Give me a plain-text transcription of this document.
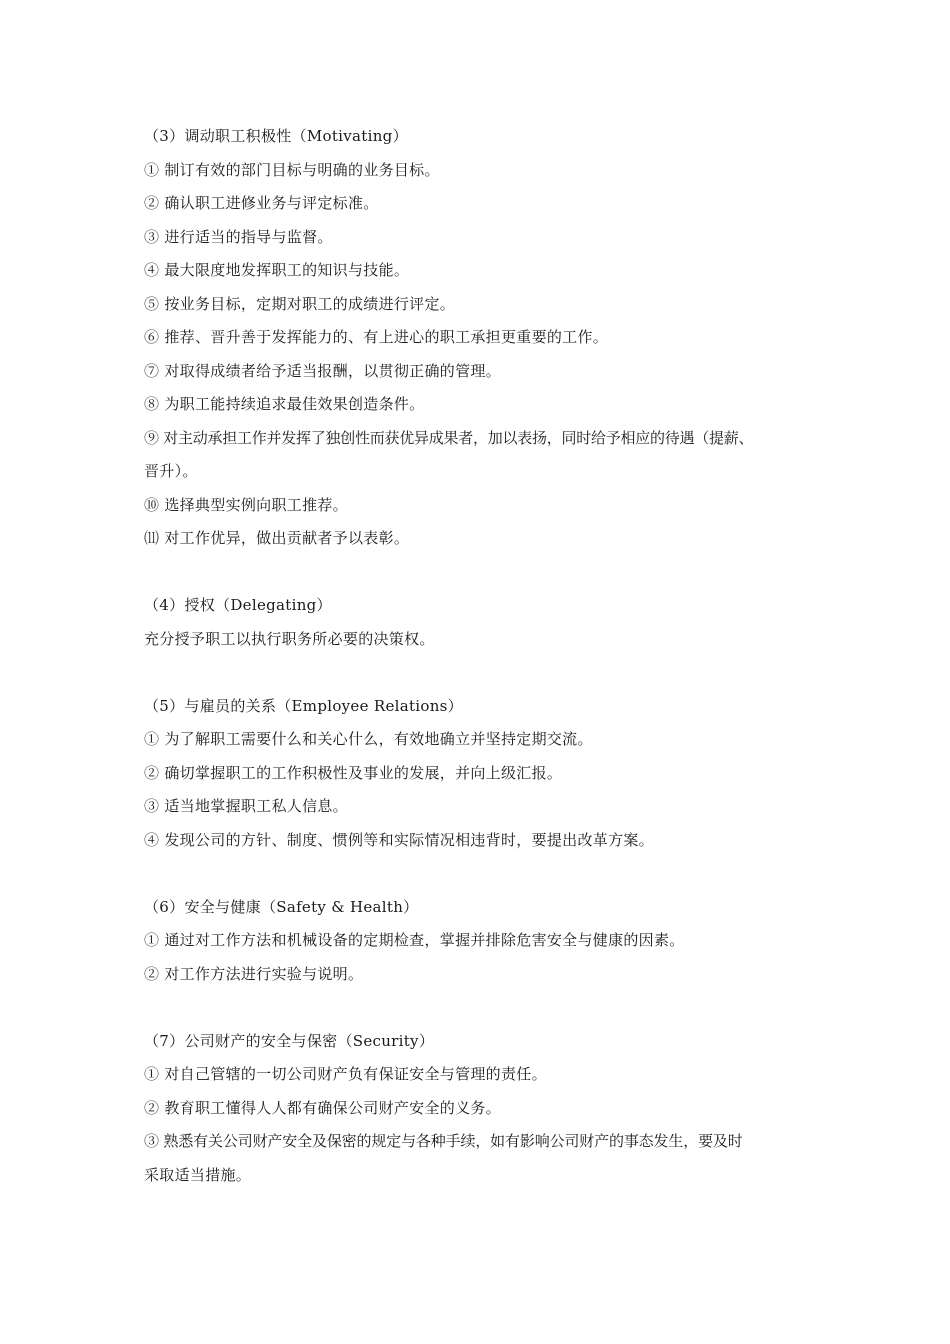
（3）调动职工积极性（Motivating）
① 制订有效的部门目标与明确的业务目标。
② 确认职工进修业务与评定标准。
③ 进行适当的指导与监督。
④ 最大限度地发挥职工的知识与技能。
⑤ 按业务目标，定期对职工的成绩进行评定。
⑥ 推荐、晋升善于发挥能力的、有上进心的职工承担更重要的工作。
⑦ 对取得成绩者给予适当报酬，以贯彻正确的管理。
⑧ 为职工能持续追求最佳效果创造条件。
⑨ 对主动承担工作并发挥了独创性而获优异成果者，加以表扬，同时给予相应的待遇（提薪、
晋升）。
⑩ 选择典型实例向职工推荐。
⑾ 对工作优异，做出贡献者予以表彰。
（4）授权（Delegating）
充分授予职工以执行职务所必要的决策权。
（5）与雇员的关系（Employee Relations）
① 为了解职工需要什么和关心什么，有效地确立并坚持定期交流。
② 确切掌握职工的工作积极性及事业的发展，并向上级汇报。
③ 适当地掌握职工私人信息。
④ 发现公司的方针、制度、惯例等和实际情况相违背时，要提出改革方案。
（6）安全与健康（Safety & Health）
① 通过对工作方法和机械设备的定期检查，掌握并排除危害安全与健康的因素。
② 对工作方法进行实验与说明。
（7）公司财产的安全与保密（Security）
① 对自己管辖的一切公司财产负有保证安全与管理的责任。
② 教育职工懂得人人都有确保公司财产安全的义务。
③ 熟悉有关公司财产安全及保密的规定与各种手续，如有影响公司财产的事态发生，要及时
采取适当措施。
